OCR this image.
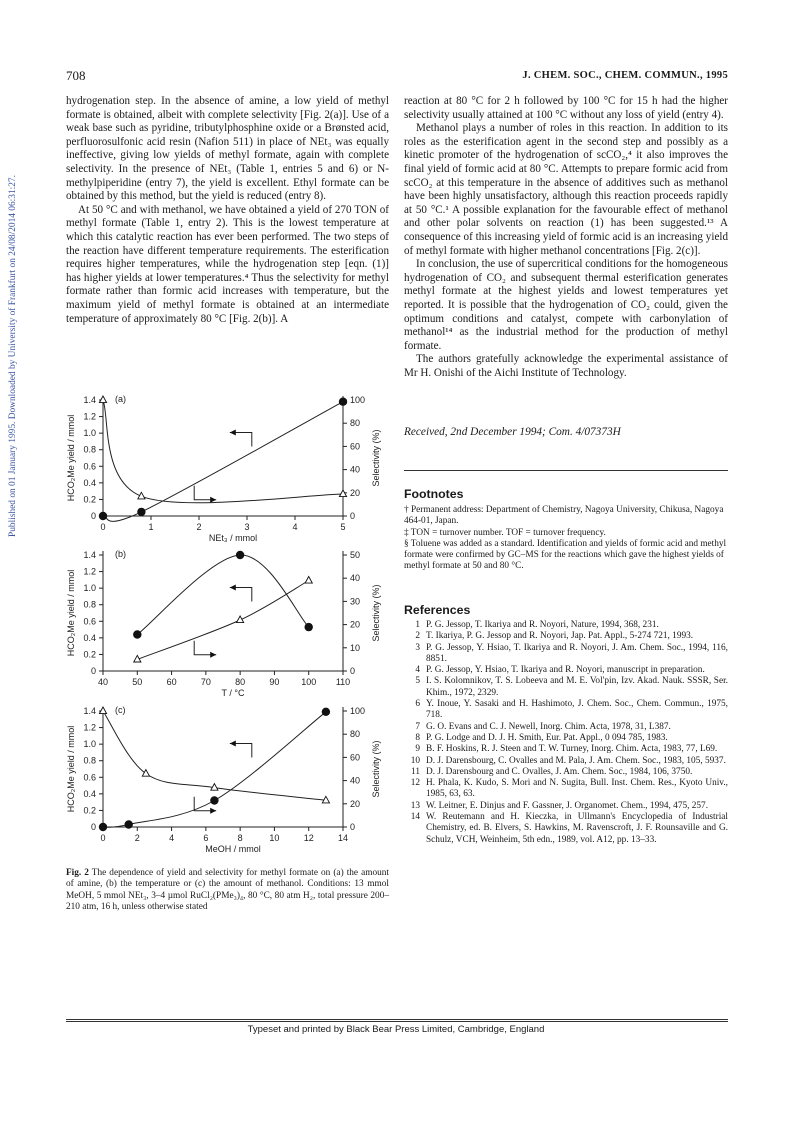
708	J. CHEM. SOC., CHEM. COMMUN., 1995
Published on 01 January 1995. Downloaded by University of Frankfurt on 24/08/2014 06:31:27.

hydrogenation step. In the absence of amine, a low yield of methyl formate is obtained, albeit with complete selectivity [Fig. 2(a)]. Use of a weak base such as pyridine, tributylphosphine oxide or a Brønsted acid, perfluorosulfonic acid resin (Nafion 511) in place of NEt₃ was equally ineffective, giving low yields of methyl formate, again with complete selectivity. In the presence of NEt₃ (Table 1, entries 5 and 6) or N-methylpiperidine (entry 7), the yield is excellent. Ethyl formate can be obtained by this method, but the yield is reduced (entry 8).

At 50 °C and with methanol, we have obtained a yield of 270 TON of methyl formate (Table 1, entry 2). This is the lowest temperature at which this catalytic reaction has ever been performed. The two steps of the reaction have different temperature requirements. The esterification requires higher temperatures, while the hydrogenation step [eqn. (1)] has higher yields at lower temperatures.⁴ Thus the selectivity for methyl formate rather than formic acid increases with temperature, but the maximum yield of methyl formate is obtained at an intermediate temperature of approximately 80 °C [Fig. 2(b)]. A

(a)
0
0.2
0.4
0.6
0.8
1.0
1.2
1.4
0
20
40
60
80
100
0	1	2	3	4	5
NEt₃ / mmol
HCO₂Me yield / mmol	Selectivity (%)
(b)
0
0.2
0.4
0.6
0.8
1.0
1.2
1.4
0
10
20
30
40
50
40	50	60	70	80	90 100 110
T / °C
HCO₂Me yield / mmol	Selectivity (%)
(c)
0
0.2
0.4
0.6
0.8
1.0
1.2
1.4
0
20
40
60
80
100
0	2	4	6	8	10	12	14
MeOH / mmol
HCO₂Me yield / mmol	Selectivity (%)
Fig. 2 The dependence of yield and selectivity for methyl formate on (a) the amount of amine, (b) the temperature or (c) the amount of methanol. Conditions: 13 mmol MeOH, 5 mmol NEt₃, 3–4 µmol RuCl₂(PMe₃)₄, 80 °C, 80 atm H₂, total pressure 200–210 atm, 16 h, unless otherwise stated

reaction at 80 °C for 2 h followed by 100 °C for 15 h had the higher selectivity usually attained at 100 °C without any loss of yield (entry 4).

Methanol plays a number of roles in this reaction. In addition to its roles as the esterification agent in the second step and possibly as a kinetic promoter of the hydrogenation of scCO₂,⁴ it also improves the final yield of formic acid at 80 °C. Attempts to prepare formic acid from scCO₂ at this temperature in the absence of additives such as methanol have been highly unsatisfactory, although this reaction proceeds rapidly at 50 °C.¹ A possible explanation for the favourable effect of methanol and other polar solvents on reaction (1) has been suggested.¹³ A consequence of this increasing yield of formic acid is an increasing yield of methyl formate with higher methanol concentrations [Fig. 2(c)].

In conclusion, the use of supercritical conditions for the homogeneous hydrogenation of CO₂ and subsequent thermal esterification generates methyl formate at the highest yields and lowest temperatures yet reported. It is possible that the hydrogenation of CO₂ could, given the optimum conditions and catalyst, compete with carbonylation of methanol¹⁴ as the industrial method for the production of methyl formate.

The authors gratefully acknowledge the experimental assistance of Mr H. Onishi of the Aichi Institute of Technology.

Received, 2nd December 1994; Com. 4/07373H
Footnotes
† Permanent address: Department of Chemistry, Nagoya University, Chikusa, Nagoya 464-01, Japan.
‡ TON = turnover number. TOF = turnover frequency.
§ Toluene was added as a standard. Identification and yields of formic acid and methyl formate were confirmed by GC–MS for the reactions which gave the highest yields of methyl formate at 50 and 80 °C.
References
1 P. G. Jessop, T. Ikariya and R. Noyori, Nature, 1994, 368, 231.
2 T. Ikariya, P. G. Jessop and R. Noyori, Jap. Pat. Appl., 5-274 721, 1993.
3 P. G. Jessop, Y. Hsiao, T. Ikariya and R. Noyori, J. Am. Chem. Soc., 1994, 116, 8851.
4 P. G. Jessop, Y. Hsiao, T. Ikariya and R. Noyori, manuscript in preparation.
5 I. S. Kolomnikov, T. S. Lobeeva and M. E. Vol'pin, Izv. Akad. Nauk. SSSR, Ser. Khim., 1972, 2329.
6 Y. Inoue, Y. Sasaki and H. Hashimoto, J. Chem. Soc., Chem. Commun., 1975, 718.
7 G. O. Evans and C. J. Newell, Inorg. Chim. Acta, 1978, 31, L387.
8 P. G. Lodge and D. J. H. Smith, Eur. Pat. Appl., 0 094 785, 1983.
9 B. F. Hoskins, R. J. Steen and T. W. Turney, Inorg. Chim. Acta, 1983, 77, L69.
10 D. J. Darensbourg, C. Ovalles and M. Pala, J. Am. Chem. Soc., 1983, 105, 5937.
11 D. J. Darensbourg and C. Ovalles, J. Am. Chem. Soc., 1984, 106, 3750.
12 H. Phala, K. Kudo, S. Mori and N. Sugita, Bull. Inst. Chem. Res., Kyoto Univ., 1985, 63, 63.
13 W. Leitner, E. Dinjus and F. Gassner, J. Organomet. Chem., 1994, 475, 257.
14 W. Reutemann and H. Kieczka, in Ullmann's Encyclopedia of Industrial Chemistry, ed. B. Elvers, S. Hawkins, M. Ravenscroft, J. F. Rounsaville and G. Schulz, VCH, Weinheim, 5th edn., 1989, vol. A12, pp. 13–33.
Typeset and printed by Black Bear Press Limited, Cambridge, England
